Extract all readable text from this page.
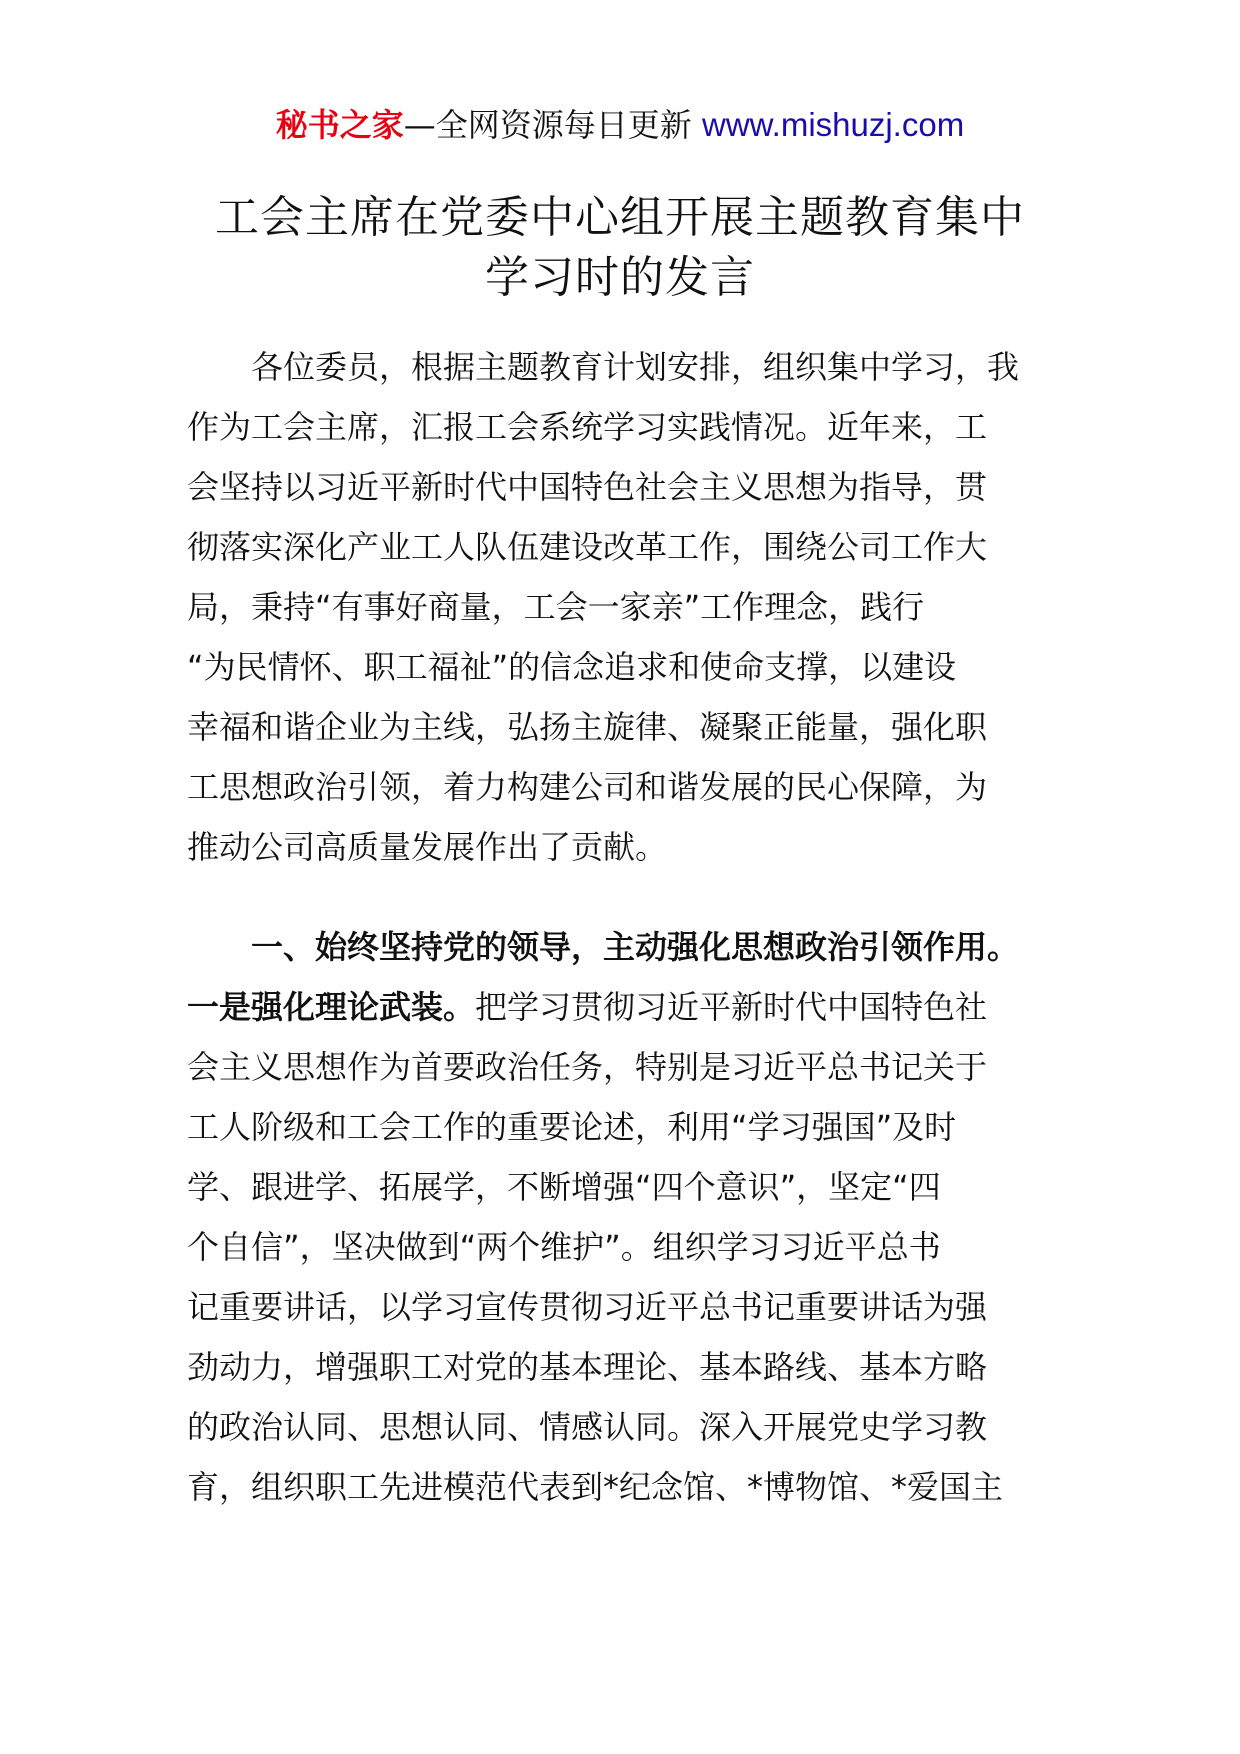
秘书之家—全网资源每日更新 www.mishuzj.com
工会主席在党委中心组开展主题教育集中
学习时的发言
　　各位委员，根据主题教育计划安排，组织集中学习，我
作为工会主席，汇报工会系统学习实践情况。近年来，工
会坚持以习近平新时代中国特色社会主义思想为指导，贯
彻落实深化产业工人队伍建设改革工作，围绕公司工作大
局，秉持“有事好商量，工会一家亲”工作理念，践行
“为民情怀、职工福祉”的信念追求和使命支撑，以建设
幸福和谐企业为主线，弘扬主旋律、凝聚正能量，强化职
工思想政治引领，着力构建公司和谐发展的民心保障，为
推动公司高质量发展作出了贡献。
　　一、始终坚持党的领导，主动强化思想政治引领作用。
一是强化理论武装。把学习贯彻习近平新时代中国特色社
会主义思想作为首要政治任务，特别是习近平总书记关于
工人阶级和工会工作的重要论述，利用“学习强国”及时
学、跟进学、拓展学，不断增强“四个意识”，坚定“四
个自信”，坚决做到“两个维护”。组织学习习近平总书
记重要讲话，以学习宣传贯彻习近平总书记重要讲话为强
劲动力，增强职工对党的基本理论、基本路线、基本方略
的政治认同、思想认同、情感认同。深入开展党史学习教
育，组织职工先进模范代表到*纪念馆、*博物馆、*爱国主
